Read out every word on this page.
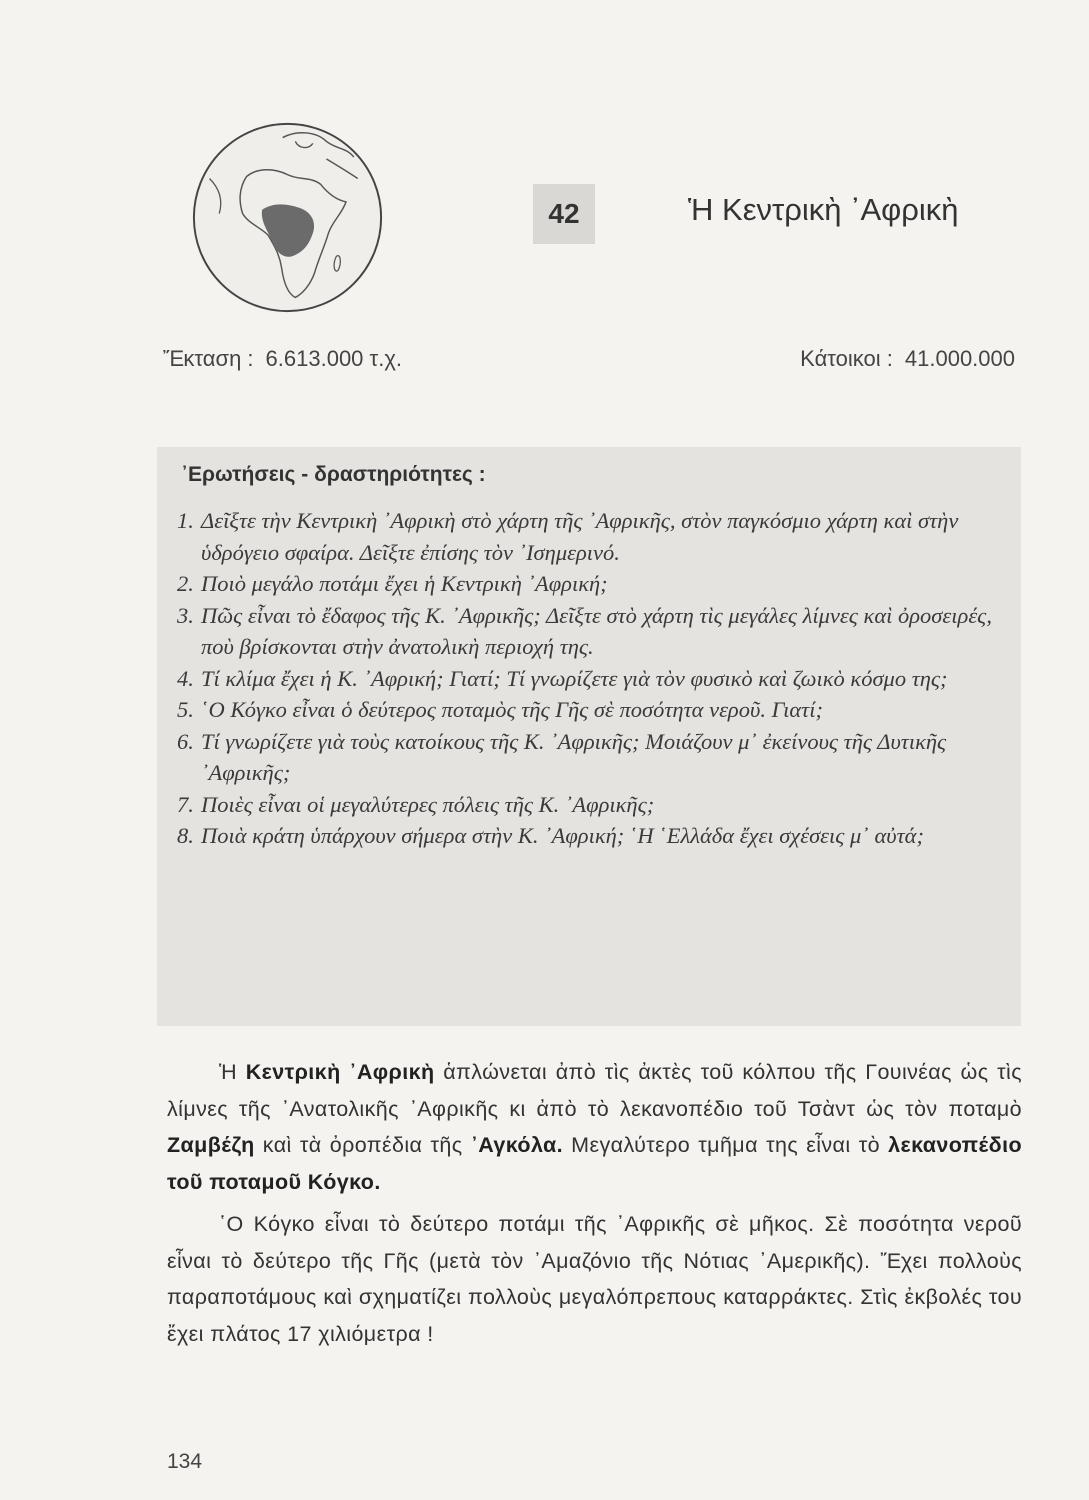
42	Ἡ Κεντρικὴ ᾿Αφρικὴ
Ἔκταση : 6.613.000 τ.χ.	Κάτοικοι : 41.000.000
᾿Ερωτήσεις - δραστηριότητες :
1. Δεῖξτε τὴν Κεντρικὴ ᾿Αφρικὴ στὸ χάρτη τῆς ᾿Αφρικῆς, στὸν παγκόσμιο χάρτη καὶ στὴν ὑδρόγειο σφαίρα. Δεῖξτε ἐπίσης τὸν ᾿Ισημερινό.
2. Ποιὸ μεγάλο ποτάμι ἔχει ἡ Κεντρικὴ ᾿Αφρική;
3. Πῶς εἶναι τὸ ἔδαφος τῆς Κ. ᾿Αφρικῆς; Δεῖξτε στὸ χάρτη τὶς μεγάλες λίμνες καὶ ὀροσειρές, ποὺ βρίσκονται στὴν ἀνατολικὴ περιοχή της.
4. Τί κλίμα ἔχει ἡ Κ. ᾿Αφρική; Γιατί; Τί γνωρίζετε γιὰ τὸν φυσικὸ καὶ ζωικὸ κόσμο της;
5. ῾Ο Κόγκο εἶναι ὁ δεύτερος ποταμὸς τῆς Γῆς σὲ ποσότητα νεροῦ. Γιατί;
6. Τί γνωρίζετε γιὰ τοὺς κατοίκους τῆς Κ. ᾿Αφρικῆς; Μοιάζουν μ᾿ ἐκείνους τῆς Δυτικῆς ᾿Αφρικῆς;
7. Ποιὲς εἶναι οἱ μεγαλύτερες πόλεις τῆς Κ. ᾿Αφρικῆς;
8. Ποιὰ κράτη ὑπάρχουν σήμερα στὴν Κ. ᾿Αφρική; ῾Η ῾Ελλάδα ἔχει σχέσεις μ᾿ αὐτά;

Ἡ Κεντρικὴ ᾿Αφρικὴ ἁπλώνεται ἀπὸ τὶς ἀκτὲς τοῦ κόλπου τῆς Γουινέας ὡς τὶς λίμνες τῆς ᾿Ανατολικῆς ᾿Αφρικῆς κι ἀπὸ τὸ λεκανοπέδιο τοῦ Τσὰντ ὡς τὸν ποταμὸ Ζαμβέζη καὶ τὰ ὀροπέδια τῆς ᾿Αγκόλα. Μεγαλύτερο τμῆμα της εἶναι τὸ λεκανοπέδιο τοῦ ποταμοῦ Κόγκο.

῾Ο Κόγκο εἶναι τὸ δεύτερο ποτάμι τῆς ᾿Αφρικῆς σὲ μῆκος. Σὲ ποσότητα νεροῦ εἶναι τὸ δεύτερο τῆς Γῆς (μετὰ τὸν ᾿Αμαζόνιο τῆς Νότιας ᾿Αμερικῆς). Ἔχει πολλοὺς παραποτάμους καὶ σχηματίζει πολλοὺς μεγαλόπρεπους καταρράκτες. Στὶς ἐκβολές του ἔχει πλάτος 17 χιλιόμετρα !

134
